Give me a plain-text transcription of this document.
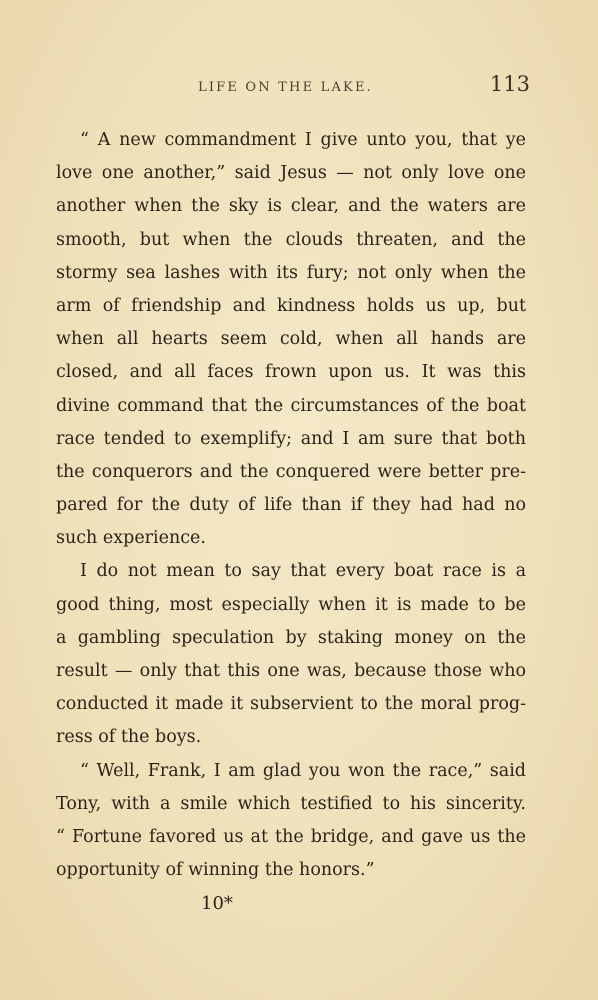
LIFE ON THE LAKE.	113
“ A new commandment I give unto you, that ye
love one another,” said Jesus — not only love one
another when the sky is clear, and the waters are
smooth, but when the clouds threaten, and the
stormy sea lashes with its fury; not only when the
arm of friendship and kindness holds us up, but
when all hearts seem cold, when all hands are
closed, and all faces frown upon us. It was this
divine command that the circumstances of the boat
race tended to exemplify; and I am sure that both
the conquerors and the conquered were better pre-
pared for the duty of life than if they had had no
such experience.
I do not mean to say that every boat race is a
good thing, most especially when it is made to be
a gambling speculation by staking money on the
result — only that this one was, because those who
conducted it made it subservient to the moral prog-
ress of the boys.
“ Well, Frank, I am glad you won the race,” said
Tony, with a smile which testified to his sincerity.
“ Fortune favored us at the bridge, and gave us the
opportunity of winning the honors.”
10*
